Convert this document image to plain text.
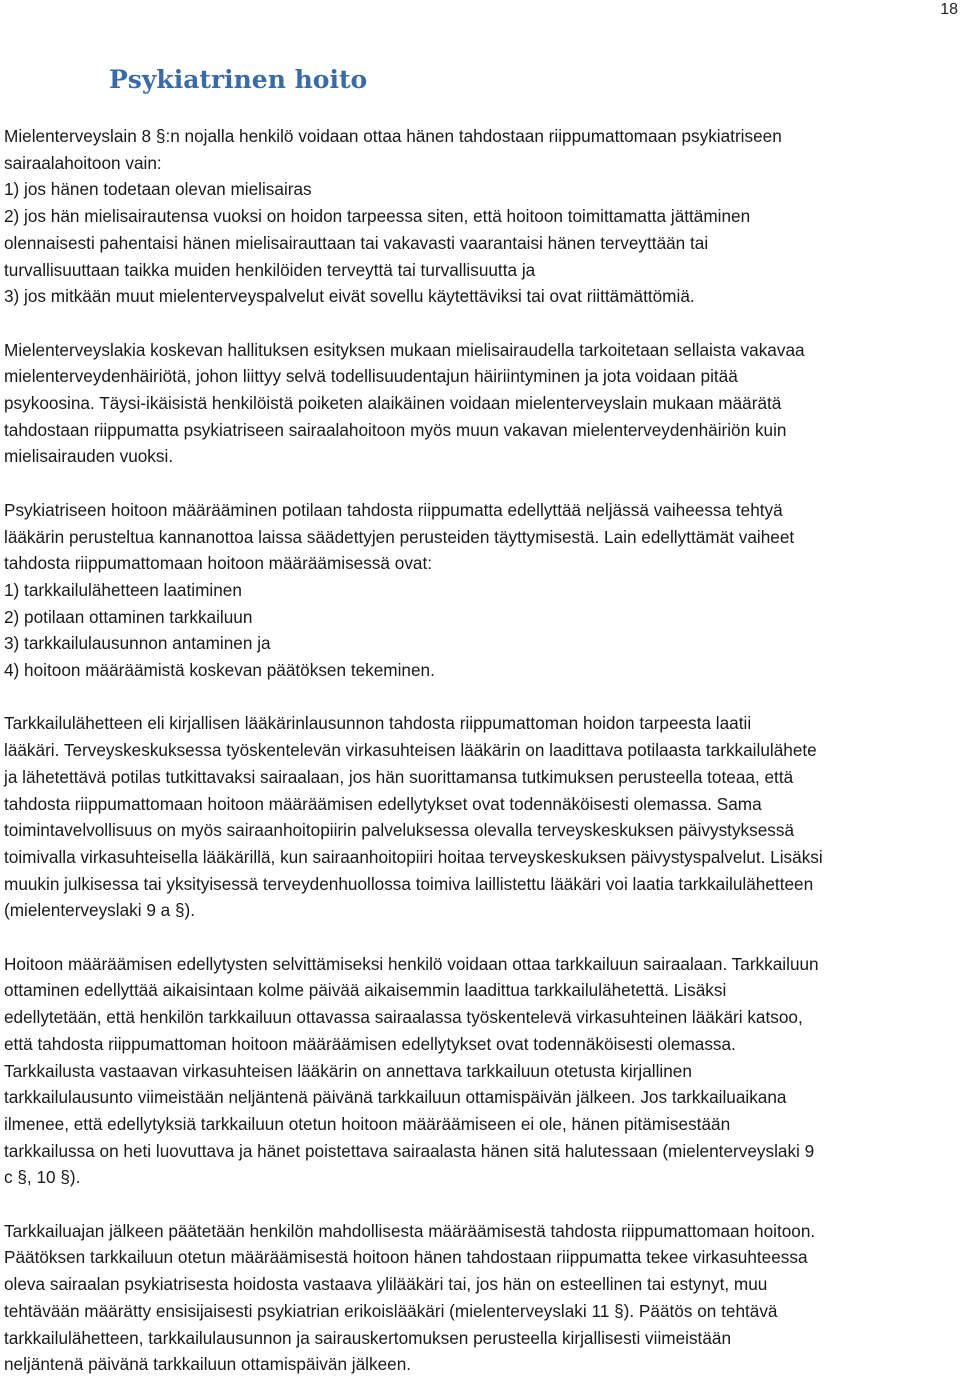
18
Psykiatrinen hoito

Mielenterveyslain 8 §:n nojalla henkilö voidaan ottaa hänen tahdostaan riippumattomaan psykiatriseen
sairaalahoitoon vain:
1) jos hänen todetaan olevan mielisairas
2) jos hän mielisairautensa vuoksi on hoidon tarpeessa siten, että hoitoon toimittamatta jättäminen
olennaisesti pahentaisi hänen mielisairauttaan tai vakavasti vaarantaisi hänen terveyttään tai
turvallisuuttaan taikka muiden henkilöiden terveyttä tai turvallisuutta ja
3) jos mitkään muut mielenterveyspalvelut eivät sovellu käytettäviksi tai ovat riittämättömiä.

Mielenterveyslakia koskevan hallituksen esityksen mukaan mielisairaudella tarkoitetaan sellaista vakavaa
mielenterveydenhäiriötä, johon liittyy selvä todellisuudentajun häiriintyminen ja jota voidaan pitää
psykoosina. Täysi-ikäisistä henkilöistä poiketen alaikäinen voidaan mielenterveyslain mukaan määrätä
tahdostaan riippumatta psykiatriseen sairaalahoitoon myös muun vakavan mielenterveydenhäiriön kuin
mielisairauden vuoksi.

Psykiatriseen hoitoon määrääminen potilaan tahdosta riippumatta edellyttää neljässä vaiheessa tehtyä
lääkärin perusteltua kannanottoa laissa säädettyjen perusteiden täyttymisestä. Lain edellyttämät vaiheet
tahdosta riippumattomaan hoitoon määräämisessä ovat:
1) tarkkailulähetteen laatiminen
2) potilaan ottaminen tarkkailuun
3) tarkkailulausunnon antaminen ja
4) hoitoon määräämistä koskevan päätöksen tekeminen.

Tarkkailulähetteen eli kirjallisen lääkärinlausunnon tahdosta riippumattoman hoidon tarpeesta laatii
lääkäri. Terveyskeskuksessa työskentelevän virkasuhteisen lääkärin on laadittava potilaasta tarkkailulähete
ja lähetettävä potilas tutkittavaksi sairaalaan, jos hän suorittamansa tutkimuksen perusteella toteaa, että
tahdosta riippumattomaan hoitoon määräämisen edellytykset ovat todennäköisesti olemassa. Sama
toimintavelvollisuus on myös sairaanhoitopiirin palveluksessa olevalla terveyskeskuksen päivystyksessä
toimivalla virkasuhteisella lääkärillä, kun sairaanhoitopiiri hoitaa terveyskeskuksen päivystyspalvelut. Lisäksi
muukin julkisessa tai yksityisessä terveydenhuollossa toimiva laillistettu lääkäri voi laatia tarkkailulähetteen
(mielenterveyslaki 9 a §).

Hoitoon määräämisen edellytysten selvittämiseksi henkilö voidaan ottaa tarkkailuun sairaalaan. Tarkkailuun
ottaminen edellyttää aikaisintaan kolme päivää aikaisemmin laadittua tarkkailulähetettä. Lisäksi
edellytetään, että henkilön tarkkailuun ottavassa sairaalassa työskentelevä virkasuhteinen lääkäri katsoo,
että tahdosta riippumattoman hoitoon määräämisen edellytykset ovat todennäköisesti olemassa.
Tarkkailusta vastaavan virkasuhteisen lääkärin on annettava tarkkailuun otetusta kirjallinen
tarkkailulausunto viimeistään neljäntenä päivänä tarkkailuun ottamispäivän jälkeen. Jos tarkkailuaikana
ilmenee, että edellytyksiä tarkkailuun otetun hoitoon määräämiseen ei ole, hänen pitämisestään
tarkkailussa on heti luovuttava ja hänet poistettava sairaalasta hänen sitä halutessaan (mielenterveyslaki 9
c §, 10 §).

Tarkkailuajan jälkeen päätetään henkilön mahdollisesta määräämisestä tahdosta riippumattomaan hoitoon.
Päätöksen tarkkailuun otetun määräämisestä hoitoon hänen tahdostaan riippumatta tekee virkasuhteessa
oleva sairaalan psykiatrisesta hoidosta vastaava ylilääkäri tai, jos hän on esteellinen tai estynyt, muu
tehtävään määrätty ensisijaisesti psykiatrian erikoislääkäri (mielenterveyslaki 11 §). Päätös on tehtävä
tarkkailulähetteen, tarkkailulausunnon ja sairauskertomuksen perusteella kirjallisesti viimeistään
neljäntenä päivänä tarkkailuun ottamispäivän jälkeen.
